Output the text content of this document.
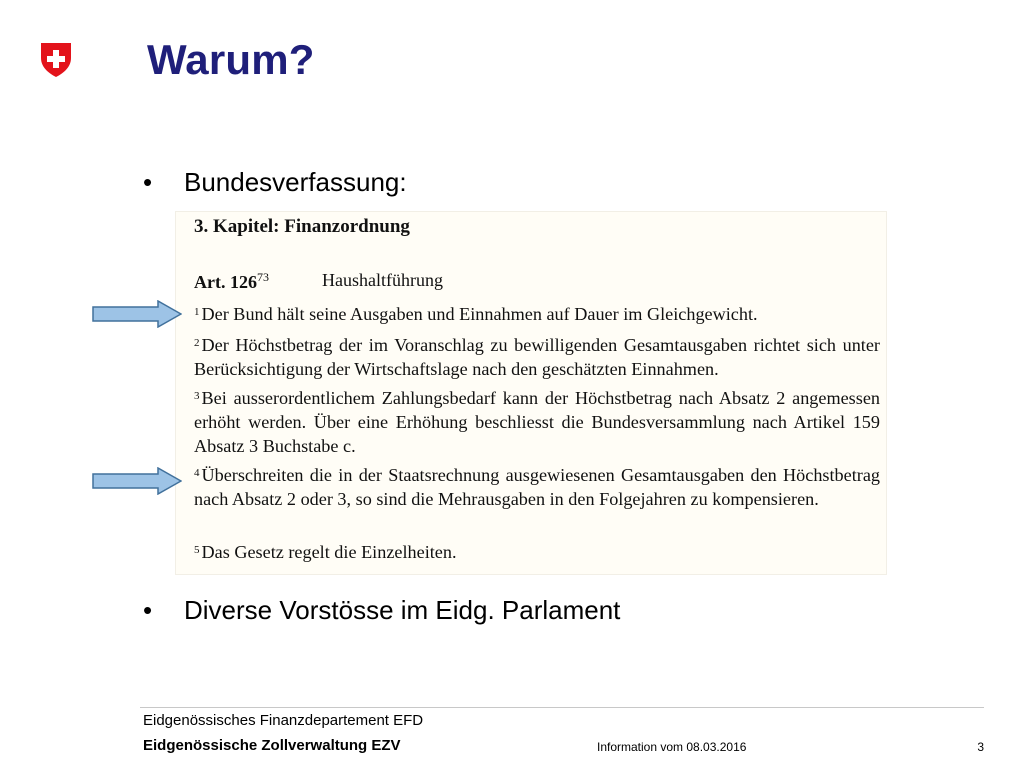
Warum?
• Bundesverfassung:
3. Kapitel: Finanzordnung
Art. $126^{73}$	Haushaltführung
$^1$ Der Bund hält seine Ausgaben und Einnahmen auf Dauer im Gleichgewicht.
$^2$ Der Höchstbetrag der im Voranschlag zu bewilligenden Gesamtausgaben richtet sich unter Berücksichtigung der Wirtschaftslage nach den geschätzten Einnahmen.
$^3$ Bei ausserordentlichem Zahlungsbedarf kann der Höchstbetrag nach Absatz 2 angemessen erhöht werden. Über eine Erhöhung beschliesst die Bundesversammlung nach Artikel 159 Absatz 3 Buchstabe c.
$^4$ Überschreiten die in der Staatsrechnung ausgewiesenen Gesamtausgaben den Höchstbetrag nach Absatz 2 oder 3, so sind die Mehrausgaben in den Folgejahren zu kompensieren.
$^5$ Das Gesetz regelt die Einzelheiten.
• Diverse Vorstösse im Eidg. Parlament
Eidgenössisches Finanzdepartement EFD
Eidgenössische Zollverwaltung EZV	Information vom 08.03.2016	3
